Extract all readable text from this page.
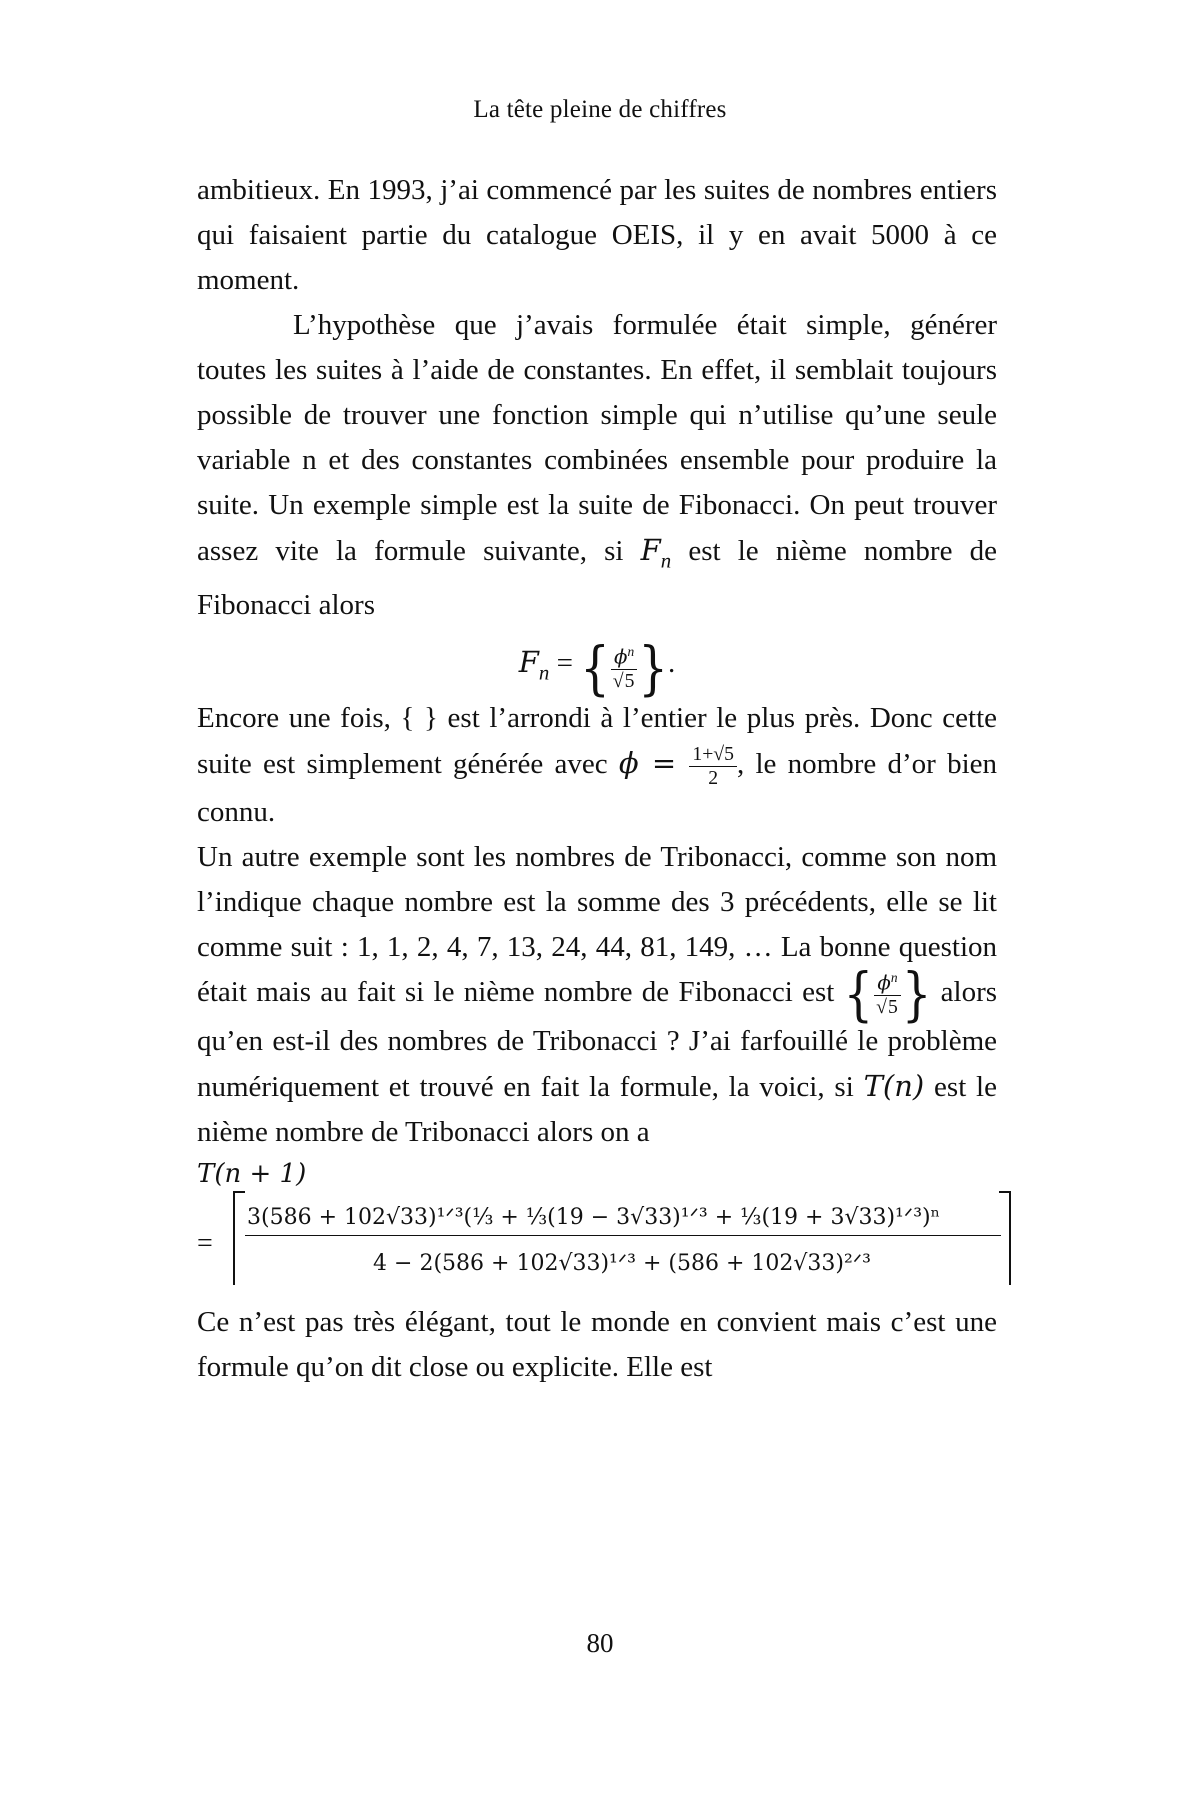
La tête pleine de chiffres

ambitieux. En 1993, j’ai commencé par les suites de nombres entiers qui faisaient partie du catalogue OEIS, il y en avait 5000 à ce moment.

L’hypothèse que j’avais formulée était simple, générer toutes les suites à l’aide de constantes. En effet, il semblait toujours possible de trouver une fonction simple qui n’utilise qu’une seule variable n et des constantes combinées ensemble pour produire la suite. Un exemple simple est la suite de Fibonacci. On peut trouver assez vite la formule suivante, si $F_n$ est le nième nombre de Fibonacci alors

$F_n$ = { $\frac{\phi^n}{√5}$ }.

Encore une fois, { } est l’arrondi à l’entier le plus près. Donc cette suite est simplement générée avec $\phi = \frac{1+√5}{2}$ , le nombre d’or bien connu.

Un autre exemple sont les nombres de Tribonacci, comme son nom l’indique chaque nombre est la somme des 3 précédents, elle se lit comme suit : 1, 1, 2, 4, 7, 13, 24, 44, 81, 149, … La bonne question était mais au fait si le nième nombre de Fibonacci est { $\frac{\phi^n}{√5}$ } alors qu’en est-il des nombres de Tribonacci ? J’ai farfouillé le problème numériquement et trouvé en fait la formule, la voici, si T(n) est le nième nombre de Tribonacci alors on a

T(n + 1)
=
3(586 + 102√33)¹ᐟ³(⅓ + ⅓(19 − 3√33)¹ᐟ³ + ⅓(19 + 3√33)¹ᐟ³)ⁿ
4 − 2(586 + 102√33)¹ᐟ³ + (586 + 102√33)²ᐟ³

Ce n’est pas très élégant, tout le monde en convient mais c’est une formule qu’on dit close ou explicite. Elle est

80
